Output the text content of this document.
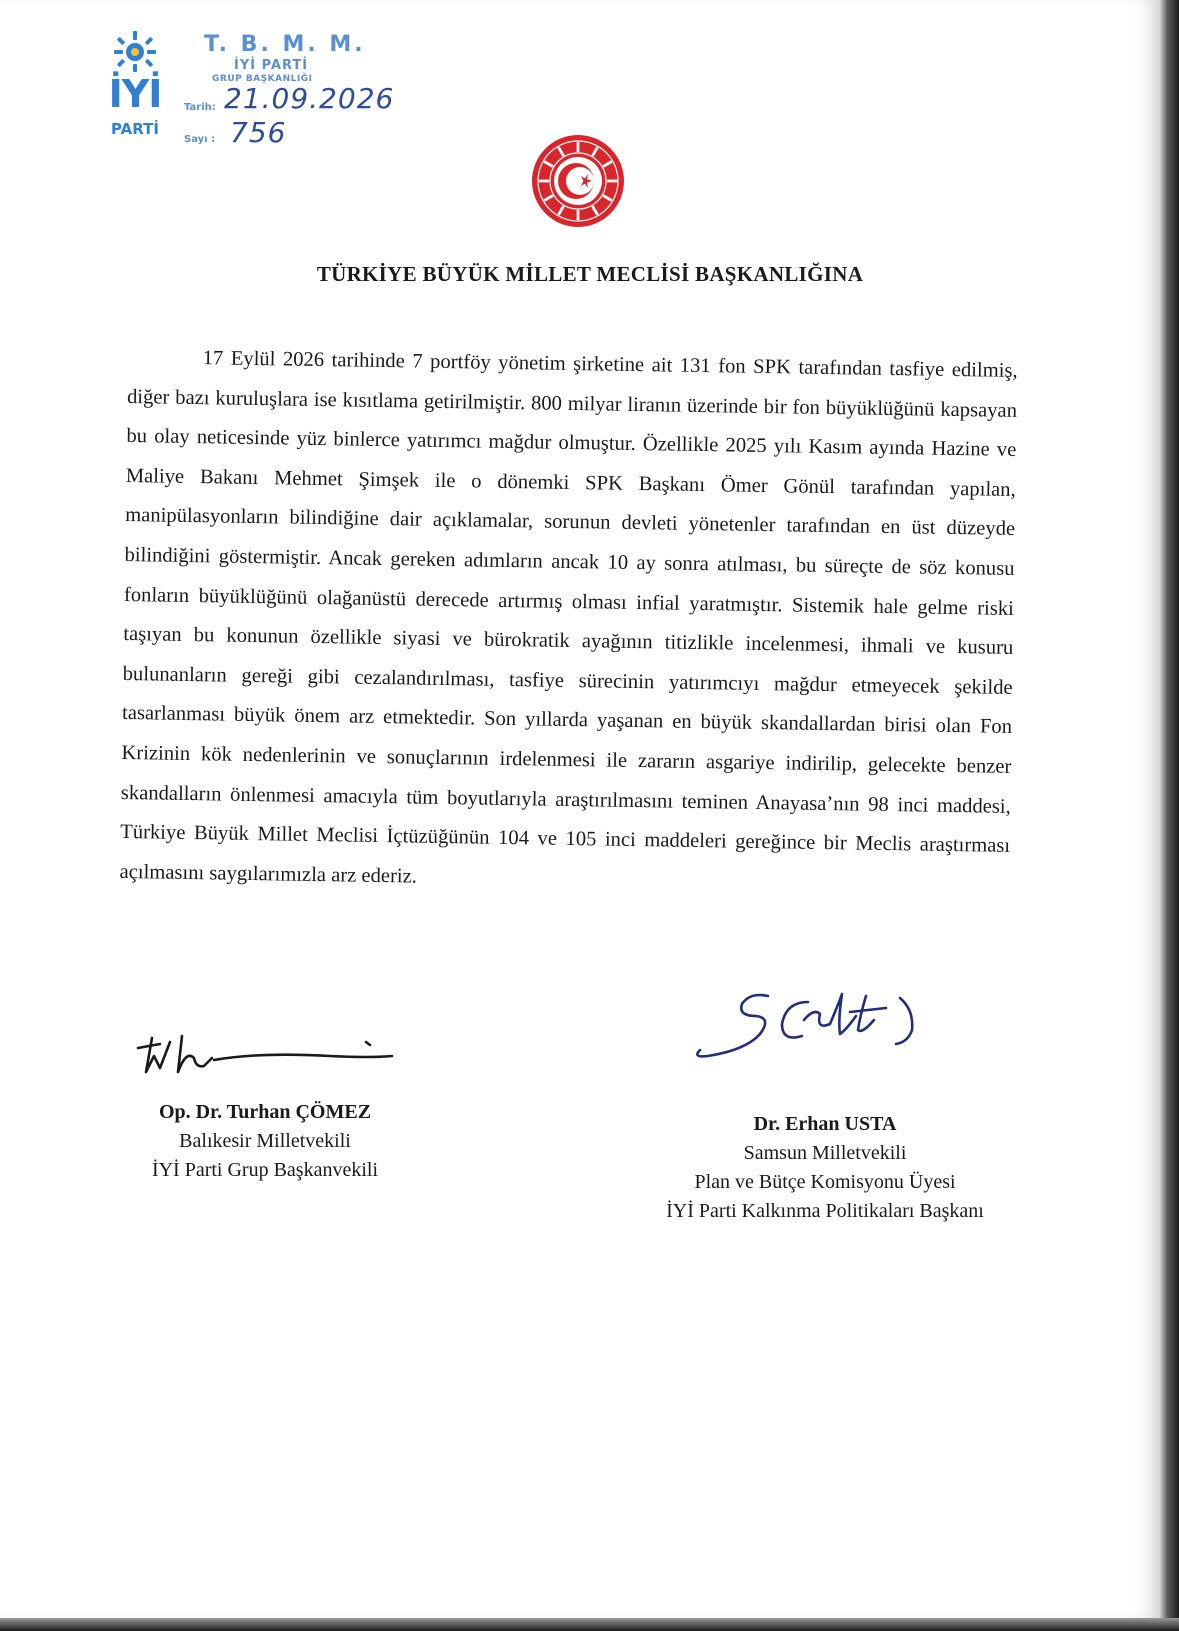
İYİ
PARTİ
T. B. M. M.
İYİ PARTİ
GRUP BAŞKANLIĞI
Tarih: 21.09.2026
Sayı : 756
TÜRKİYE BÜYÜK MİLLET MECLİSİ BAŞKANLIĞINA
17 Eylül 2026 tarihinde 7 portföy yönetim şirketine ait 131 fon SPK tarafından tasfiye edilmiş, diğer bazı kuruluşlara ise kısıtlama getirilmiştir. 800 milyar liranın üzerinde bir fon büyüklüğünü kapsayan bu olay neticesinde yüz binlerce yatırımcı mağdur olmuştur. Özellikle 2025 yılı Kasım ayında Hazine ve Maliye Bakanı Mehmet Şimşek ile o dönemki SPK Başkanı Ömer Gönül tarafından yapılan, manipülasyonların bilindiğine dair açıklamalar, sorunun devleti yönetenler tarafından en üst düzeyde bilindiğini göstermiştir. Ancak gereken adımların ancak 10 ay sonra atılması, bu süreçte de söz konusu fonların büyüklüğünü olağanüstü derecede artırmış olması infial yaratmıştır. Sistemik hale gelme riski taşıyan bu konunun özellikle siyasi ve bürokratik ayağının titizlikle incelenmesi, ihmali ve kusuru bulunanların gereği gibi cezalandırılması, tasfiye sürecinin yatırımcıyı mağdur etmeyecek şekilde tasarlanması büyük önem arz etmektedir. Son yıllarda yaşanan en büyük skandallardan birisi olan Fon Krizinin kök nedenlerinin ve sonuçlarının irdelenmesi ile zararın asgariye indirilip, gelecekte benzer skandalların önlenmesi amacıyla tüm boyutlarıyla araştırılmasını teminen Anayasa’nın 98 inci maddesi, Türkiye Büyük Millet Meclisi İçtüzüğünün 104 ve 105 inci maddeleri gereğince bir Meclis araştırması açılmasını saygılarımızla arz ederiz.
Op. Dr. Turhan ÇÖMEZ
Balıkesir Milletvekili
İYİ Parti Grup Başkanvekili
Dr. Erhan USTA
Samsun Milletvekili
Plan ve Bütçe Komisyonu Üyesi
İYİ Parti Kalkınma Politikaları Başkanı
